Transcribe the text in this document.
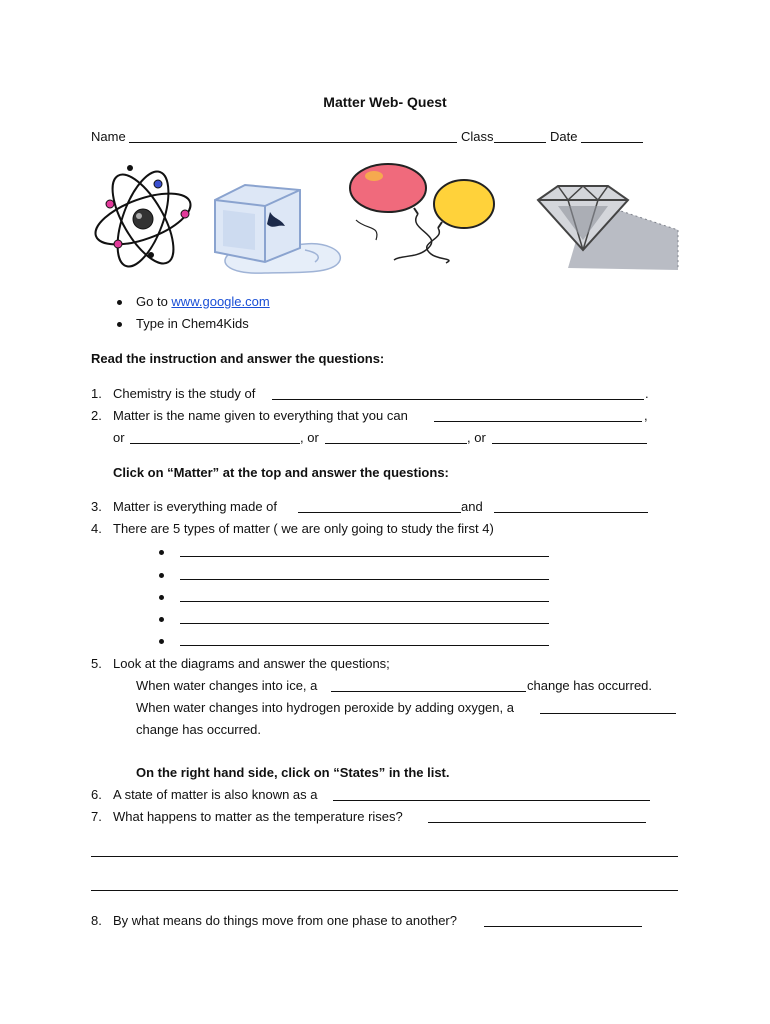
Matter Web- Quest
Name	Class	Date
Go to www.google.com
Type in Chem4Kids
Read the instruction and answer the questions:
1. Chemistry is the study of	.
2. Matter is the name given to everything that you can	,
or	, or	, or
Click on “Matter” at the top and answer the questions:
3. Matter is everything made of	and
4. There are 5 types of matter ( we are only going to study the first 4)
5. Look at the diagrams and answer the questions;
When water changes into ice, a	change has occurred.
When water changes into hydrogen peroxide by adding oxygen, a
change has occurred.
On the right hand side, click on “States” in the list.
6. A state of matter is also known as a
7. What happens to matter as the temperature rises?
8. By what means do things move from one phase to another?
